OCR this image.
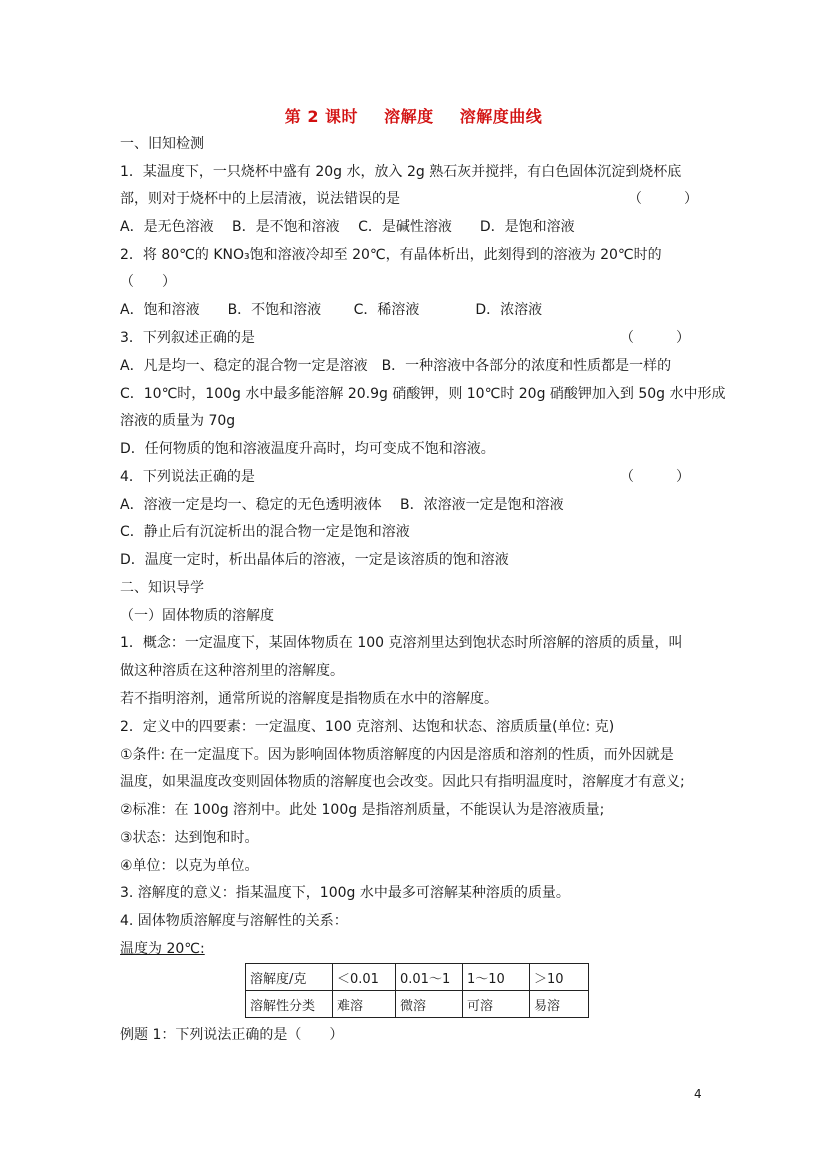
第 2 课时 溶解度 溶解度曲线
一、旧知检测
1．某温度下，一只烧杯中盛有 20g 水，放入 2g 熟石灰并搅拌，有白色固体沉淀到烧杯底
部，则对于烧杯中的上层清液，说法错误的是	（　　　）
A．是无色溶液　 B．是不饱和溶液　 C．是碱性溶液　　D．是饱和溶液
2．将 80℃的 KNO₃饱和溶液冷却至 20℃，有晶体析出，此刻得到的溶液为 20℃时的
（　　）
A．饱和溶液　　B．不饱和溶液　　 C．稀溶液　　　　D．浓溶液
3．下列叙述正确的是	（　　　）
A．凡是均一、稳定的混合物一定是溶液　B．一种溶液中各部分的浓度和性质都是一样的
C．10℃时，100g 水中最多能溶解 20.9g 硝酸钾，则 10℃时 20g 硝酸钾加入到 50g 水中形成
溶液的质量为 70g
D．任何物质的饱和溶液温度升高时，均可变成不饱和溶液。
4．下列说法正确的是	（　　　）
A．溶液一定是均一、稳定的无色透明液体　 B．浓溶液一定是饱和溶液
C．静止后有沉淀析出的混合物一定是饱和溶液
D．温度一定时，析出晶体后的溶液，一定是该溶质的饱和溶液
二、知识导学
（一）固体物质的溶解度
1．概念：一定温度下，某固体物质在 100 克溶剂里达到饱状态时所溶解的溶质的质量，叫
做这种溶质在这种溶剂里的溶解度。
若不指明溶剂，通常所说的溶解度是指物质在水中的溶解度。
2．定义中的四要素：一定温度、100 克溶剂、达饱和状态、溶质质量(单位: 克)
①条件: 在一定温度下。因为影响固体物质溶解度的内因是溶质和溶剂的性质，而外因就是
温度，如果温度改变则固体物质的溶解度也会改变。因此只有指明温度时，溶解度才有意义;
②标准：在 100g 溶剂中。此处 100g 是指溶剂质量，不能误认为是溶液质量;
③状态：达到饱和时。
④单位：以克为单位。
3. 溶解度的意义：指某温度下，100g 水中最多可溶解某种溶质的质量。
4. 固体物质溶解度与溶解性的关系：
温度为 20℃:
溶解度/克	＜0.01	0.01～1	1～10	＞10
溶解性分类	难溶	微溶	可溶	易溶
例题 1：下列说法正确的是（　　）
4
